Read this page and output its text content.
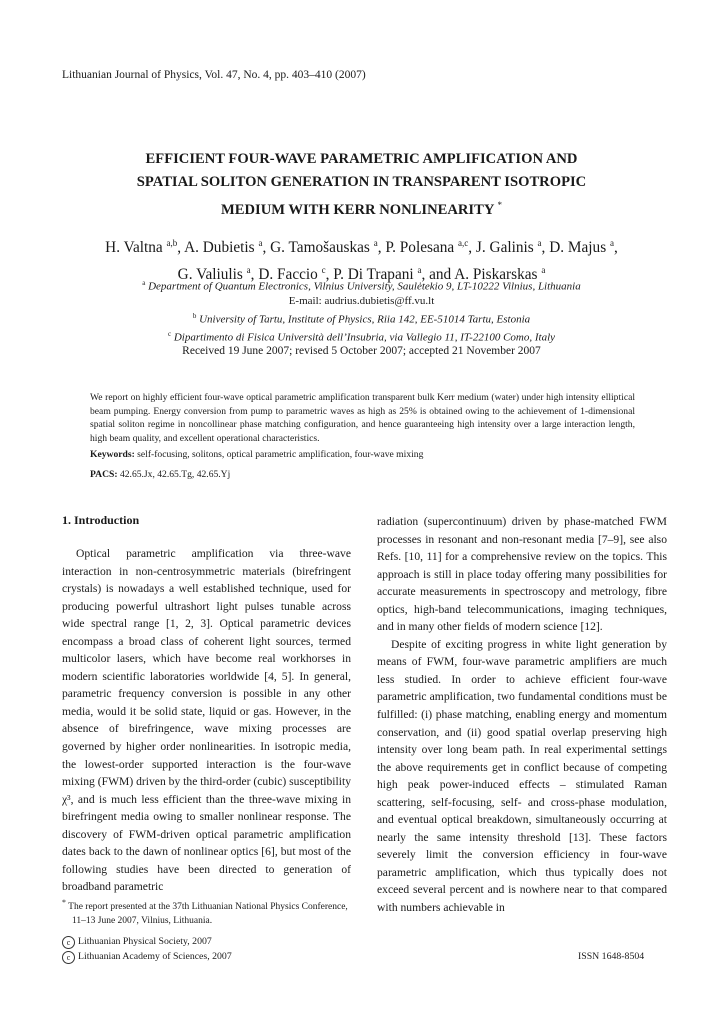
Lithuanian Journal of Physics, Vol. 47, No. 4, pp. 403–410 (2007)
EFFICIENT FOUR-WAVE PARAMETRIC AMPLIFICATION AND
SPATIAL SOLITON GENERATION IN TRANSPARENT ISOTROPIC
MEDIUM WITH KERR NONLINEARITY *
H. Valtna $^{a,b}$, A. Dubietis $^a$, G. Tamošauskas $^a$, P. Polesana $^{a,c}$, J. Galinis $^a$, D. Majus $^a$,
G. Valiulis $^a$, D. Faccio $^c$, P. Di Trapani $^a$, and A. Piskarskas $^a$
$^a$ Department of Quantum Electronics, Vilnius University, Saulėtekio 9, LT-10222 Vilnius, Lithuania
E-mail: audrius.dubietis@ff.vu.lt
$^b$ University of Tartu, Institute of Physics, Riia 142, EE-51014 Tartu, Estonia
$^c$ Dipartimento di Fisica Università dell’Insubria, via Vallegio 11, IT-22100 Como, Italy
Received 19 June 2007; revised 5 October 2007; accepted 21 November 2007
We report on highly efficient four-wave optical parametric amplification transparent bulk Kerr medium (water) under high intensity elliptical beam pumping. Energy conversion from pump to parametric waves as high as 25% is obtained owing to the achievement of 1-dimensional spatial soliton regime in noncollinear phase matching configuration, and hence guaranteeing high intensity over a large interaction length, high beam quality, and excellent operational characteristics.
Keywords: self-focusing, solitons, optical parametric amplification, four-wave mixing
PACS: 42.65.Jx, 42.65.Tg, 42.65.Yj
1. Introduction

Optical parametric amplification via three-wave interaction in non-centrosymmetric materials (birefringent crystals) is nowadays a well established technique, used for producing powerful ultrashort light pulses tunable across wide spectral range [1, 2, 3]. Optical parametric devices encompass a broad class of coherent light sources, termed multicolor lasers, which have become real workhorses in modern scientific laboratories worldwide [4, 5]. In general, parametric frequency conversion is possible in any other media, would it be solid state, liquid or gas. However, in the absence of birefringence, wave mixing processes are governed by higher order nonlinearities. In isotropic media, the lowest-order supported interaction is the four-wave mixing (FWM) driven by the third-order (cubic) susceptibility χ³, and is much less efficient than the three-wave mixing in birefringent media owing to smaller nonlinear response. The discovery of FWM-driven optical parametric amplification dates back to the dawn of nonlinear optics [6], but most of the following studies have been directed to generation of broadband parametric

radiation (supercontinuum) driven by phase-matched FWM processes in resonant and non-resonant media [7–9], see also Refs. [10, 11] for a comprehensive review on the topics. This approach is still in place today offering many possibilities for accurate measurements in spectroscopy and metrology, fibre optics, high-band telecommunications, imaging techniques, and in many other fields of modern science [12].

Despite of exciting progress in white light generation by means of FWM, four-wave parametric amplifiers are much less studied. In order to achieve efficient four-wave parametric amplification, two fundamental conditions must be fulfilled: (i) phase matching, enabling energy and momentum conservation, and (ii) good spatial overlap preserving high intensity over long beam path. In real experimental settings the above requirements get in conflict because of competing high peak power-induced effects – stimulated Raman scattering, self-focusing, self- and cross-phase modulation, and eventual optical breakdown, simultaneously occurring at nearly the same intensity threshold [13]. These factors severely limit the conversion efficiency in four-wave parametric amplification, which thus typically does not exceed several percent and is nowhere near to that compared with numbers achievable in

* The report presented at the 37th Lithuanian National Physics Conference, 11–13 June 2007, Vilnius, Lithuania.
c Lithuanian Physical Society, 2007
c Lithuanian Academy of Sciences, 2007	ISSN 1648-8504
